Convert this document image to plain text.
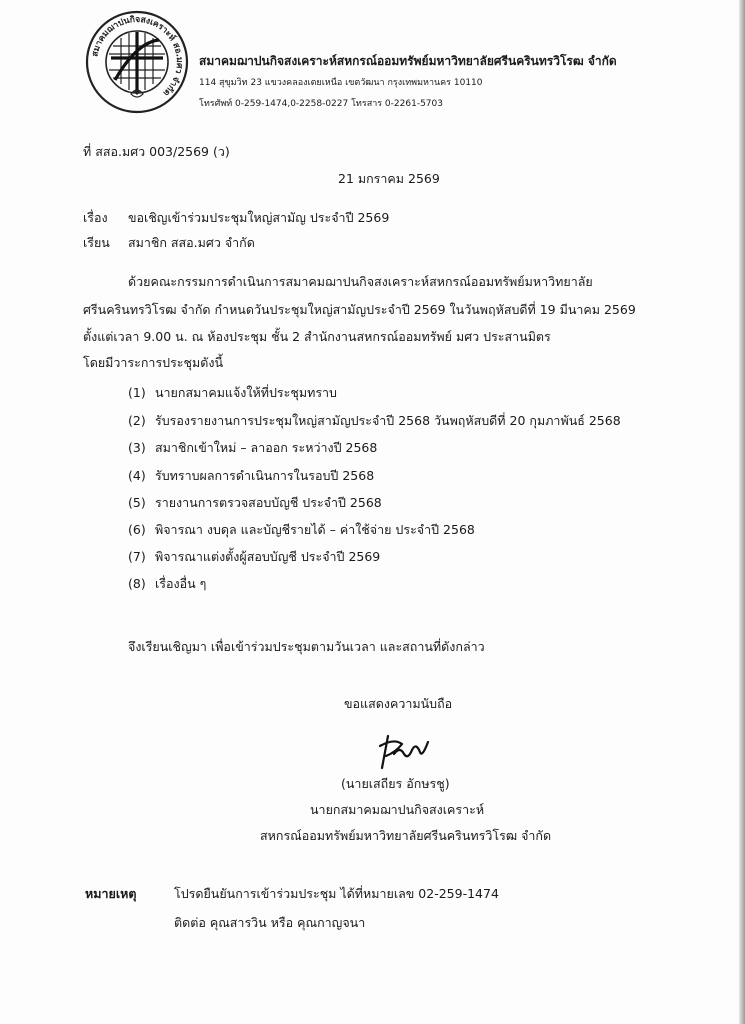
สมาคมฌาปนกิจสงเคราะห์ สอ.มศว จำกัด
สมาคมฌาปนกิจสงเคราะห์สหกรณ์ออมทรัพย์มหาวิทยาลัยศรีนครินทรวิโรฒ จำกัด
114 สุขุมวิท 23 แขวงคลองเตยเหนือ เขตวัฒนา กรุงเทพมหานคร 10110
โทรศัพท์ 0-259-1474,0-2258-0227 โทรสาร 0-2261-5703
ที่ สสอ.มศว 003/2569 (ว)
21 มกราคม 2569
เรื่อง ขอเชิญเข้าร่วมประชุมใหญ่สามัญ ประจำปี 2569
เรียน สมาชิก สสอ.มศว จำกัด
ด้วยคณะกรรมการดำเนินการสมาคมฌาปนกิจสงเคราะห์สหกรณ์ออมทรัพย์มหาวิทยาลัย
ศรีนครินทรวิโรฒ จำกัด กำหนดวันประชุมใหญ่สามัญประจำปี 2569 ในวันพฤหัสบดีที่ 19 มีนาคม 2569
ตั้งแต่เวลา 9.00 น. ณ ห้องประชุม ชั้น 2 สำนักงานสหกรณ์ออมทรัพย์ มศว ประสานมิตร
โดยมีวาระการประชุมดังนี้
(1) นายกสมาคมแจ้งให้ที่ประชุมทราบ
(2) รับรองรายงานการประชุมใหญ่สามัญประจำปี 2568 วันพฤหัสบดีที่ 20 กุมภาพันธ์ 2568
(3) สมาชิกเข้าใหม่ – ลาออก ระหว่างปี 2568
(4) รับทราบผลการดำเนินการในรอบปี 2568
(5) รายงานการตรวจสอบบัญชี ประจำปี 2568
(6) พิจารณา งบดุล และบัญชีรายได้ – ค่าใช้จ่าย ประจำปี 2568
(7) พิจารณาแต่งตั้งผู้สอบบัญชี ประจำปี 2569
(8) เรื่องอื่น ๆ
จึงเรียนเชิญมา เพื่อเข้าร่วมประชุมตามวันเวลา และสถานที่ดังกล่าว
ขอแสดงความนับถือ
(นายเสถียร อักษรชู)
นายกสมาคมฌาปนกิจสงเคราะห์
สหกรณ์ออมทรัพย์มหาวิทยาลัยศรีนครินทรวิโรฒ จำกัด
หมายเหตุ	โปรดยืนยันการเข้าร่วมประชุม ได้ที่หมายเลข 02-259-1474
ติดต่อ คุณสารวิน หรือ คุณกาญจนา
